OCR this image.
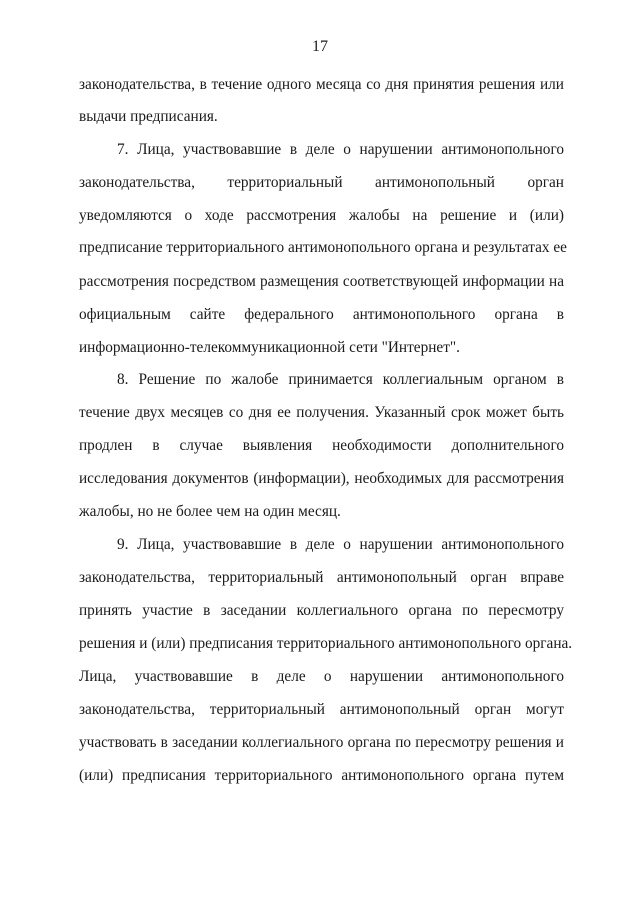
17
законодательства, в течение одного месяца со дня принятия решения или
выдачи предписания.
7. Лица, участвовавшие в деле о нарушении антимонопольного
законодательства, территориальный антимонопольный орган
уведомляются о ходе рассмотрения жалобы на решение и (или)
предписание территориального антимонопольного органа и результатах ее
рассмотрения посредством размещения соответствующей информации на
официальным сайте федерального антимонопольного органа в
информационно-телекоммуникационной сети "Интернет".
8. Решение по жалобе принимается коллегиальным органом в
течение двух месяцев со дня ее получения. Указанный срок может быть
продлен в случае выявления необходимости дополнительного
исследования документов (информации), необходимых для рассмотрения
жалобы, но не более чем на один месяц.
9. Лица, участвовавшие в деле о нарушении антимонопольного
законодательства, территориальный антимонопольный орган вправе
принять участие в заседании коллегиального органа по пересмотру
решения и (или) предписания территориального антимонопольного органа.
Лица, участвовавшие в деле о нарушении антимонопольного
законодательства, территориальный антимонопольный орган могут
участвовать в заседании коллегиального органа по пересмотру решения и
(или) предписания территориального антимонопольного органа путем
